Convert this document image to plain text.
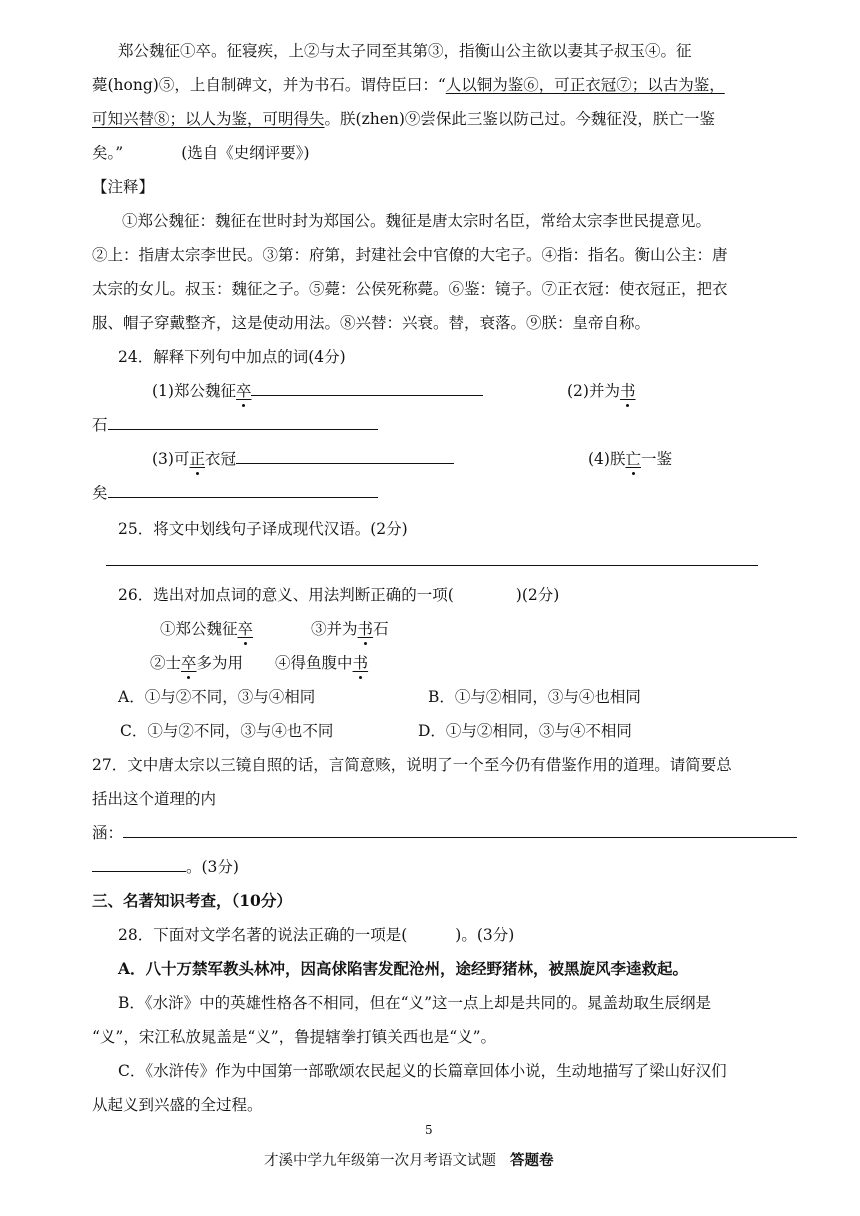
郑公魏征①卒。征寝疾，上②与太子同至其第③，指衡山公主欲以妻其子叔玉④。征
薨(hong)⑤，上自制碑文，并为书石。谓侍臣曰：“人以铜为鉴⑥，可正衣冠⑦；以古为鉴，
可知兴替⑧；以人为鉴，可明得失。朕(zhen)⑨尝保此三鉴以防己过。今魏征没，朕亡一鉴
矣。”	(选自《史纲评要》)
【注释】
①郑公魏征：魏征在世时封为郑国公。魏征是唐太宗时名臣，常给太宗李世民提意见。
②上：指唐太宗李世民。③第：府第，封建社会中官僚的大宅子。④指：指名。衡山公主：唐
太宗的女儿。叔玉：魏征之子。⑤薨：公侯死称薨。⑥鉴：镜子。⑦正衣冠：使衣冠正，把衣
服、帽子穿戴整齐，这是使动用法。⑧兴替：兴衰。替，衰落。⑨朕：皇帝自称。
24．解释下列句中加点的词(4分)
(1)郑公魏征卒	(2)并为书
石
(3)可正衣冠	(4)朕亡一鉴
矣
25．将文中划线句子译成现代汉语。(2分)
26．选出对加点词的意义、用法判断正确的一项(	)(2分)
①郑公魏征卒	③并为书石
②士卒多为用 ④得鱼腹中书
A．①与②不同，③与④相同	B．①与②相同，③与④也相同
C．①与②不同，③与④也不同	D．①与②相同，③与④不相同
27．文中唐太宗以三镜自照的话，言简意赅，说明了一个至今仍有借鉴作用的道理。请简要总
括出这个道理的内
涵：
。(3分)
三、名著知识考查，（10分）
28．下面对文学名著的说法正确的一项是(	)。(3分)
A．八十万禁军教头林冲，因高俅陷害发配沧州，途经野猪林，被黑旋风李逵救起。
B．《水浒》中的英雄性格各不相同，但在“义”这一点上却是共同的。晁盖劫取生辰纲是
“义”，宋江私放晁盖是“义”，鲁提辖拳打镇关西也是“义”。
C．《水浒传》作为中国第一部歌颂农民起义的长篇章回体小说，生动地描写了梁山好汉们
从起义到兴盛的全过程。
5
才溪中学九年级第一次月考语文试题 答题卷
